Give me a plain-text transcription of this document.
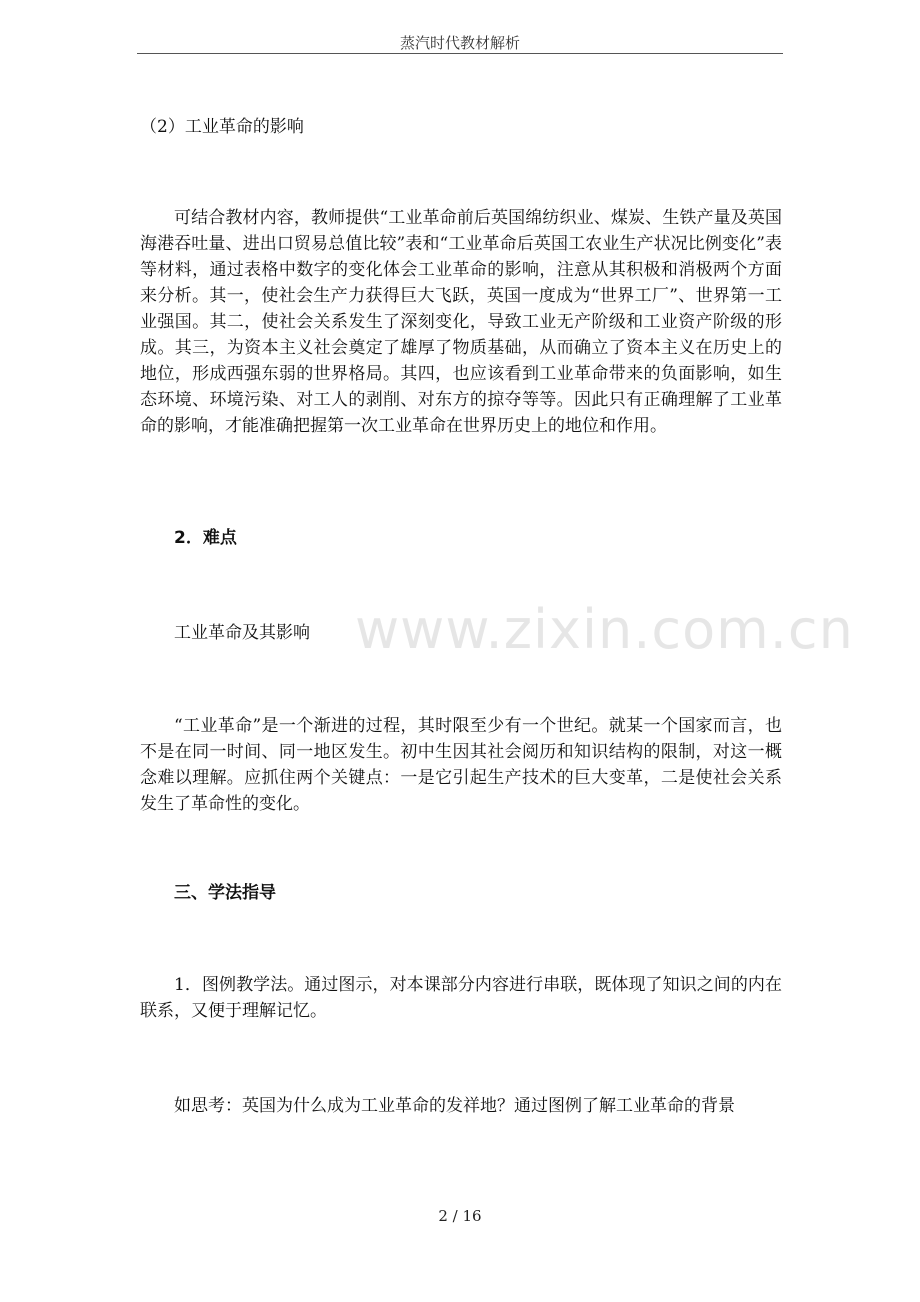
蒸汽时代教材解析
www.zixin.com.cn

（2）工业革命的影响

可结合教材内容，教师提供“工业革命前后英国绵纺织业、煤炭、生铁产量及英国海港吞吐量、进出口贸易总值比较”表和“工业革命后英国工农业生产状况比例变化”表等材料，通过表格中数字的变化体会工业革命的影响，注意从其积极和消极两个方面来分析。其一，使社会生产力获得巨大飞跃，英国一度成为“世界工厂”、世界第一工业强国。其二，使社会关系发生了深刻变化，导致工业无产阶级和工业资产阶级的形成。其三，为资本主义社会奠定了雄厚了物质基础，从而确立了资本主义在历史上的地位，形成西强东弱的世界格局。其四，也应该看到工业革命带来的负面影响，如生态环境、环境污染、对工人的剥削、对东方的掠夺等等。因此只有正确理解了工业革命的影响，才能准确把握第一次工业革命在世界历史上的地位和作用。

2．难点

工业革命及其影响

“工业革命”是一个渐进的过程，其时限至少有一个世纪。就某一个国家而言，也不是在同一时间、同一地区发生。初中生因其社会阅历和知识结构的限制，对这一概念难以理解。应抓住两个关键点：一是它引起生产技术的巨大变革，二是使社会关系发生了革命性的变化。

三、学法指导

1．图例教学法。通过图示，对本课部分内容进行串联，既体现了知识之间的内在联系，又便于理解记忆。

如思考：英国为什么成为工业革命的发祥地？通过图例了解工业革命的背景

2 / 16
